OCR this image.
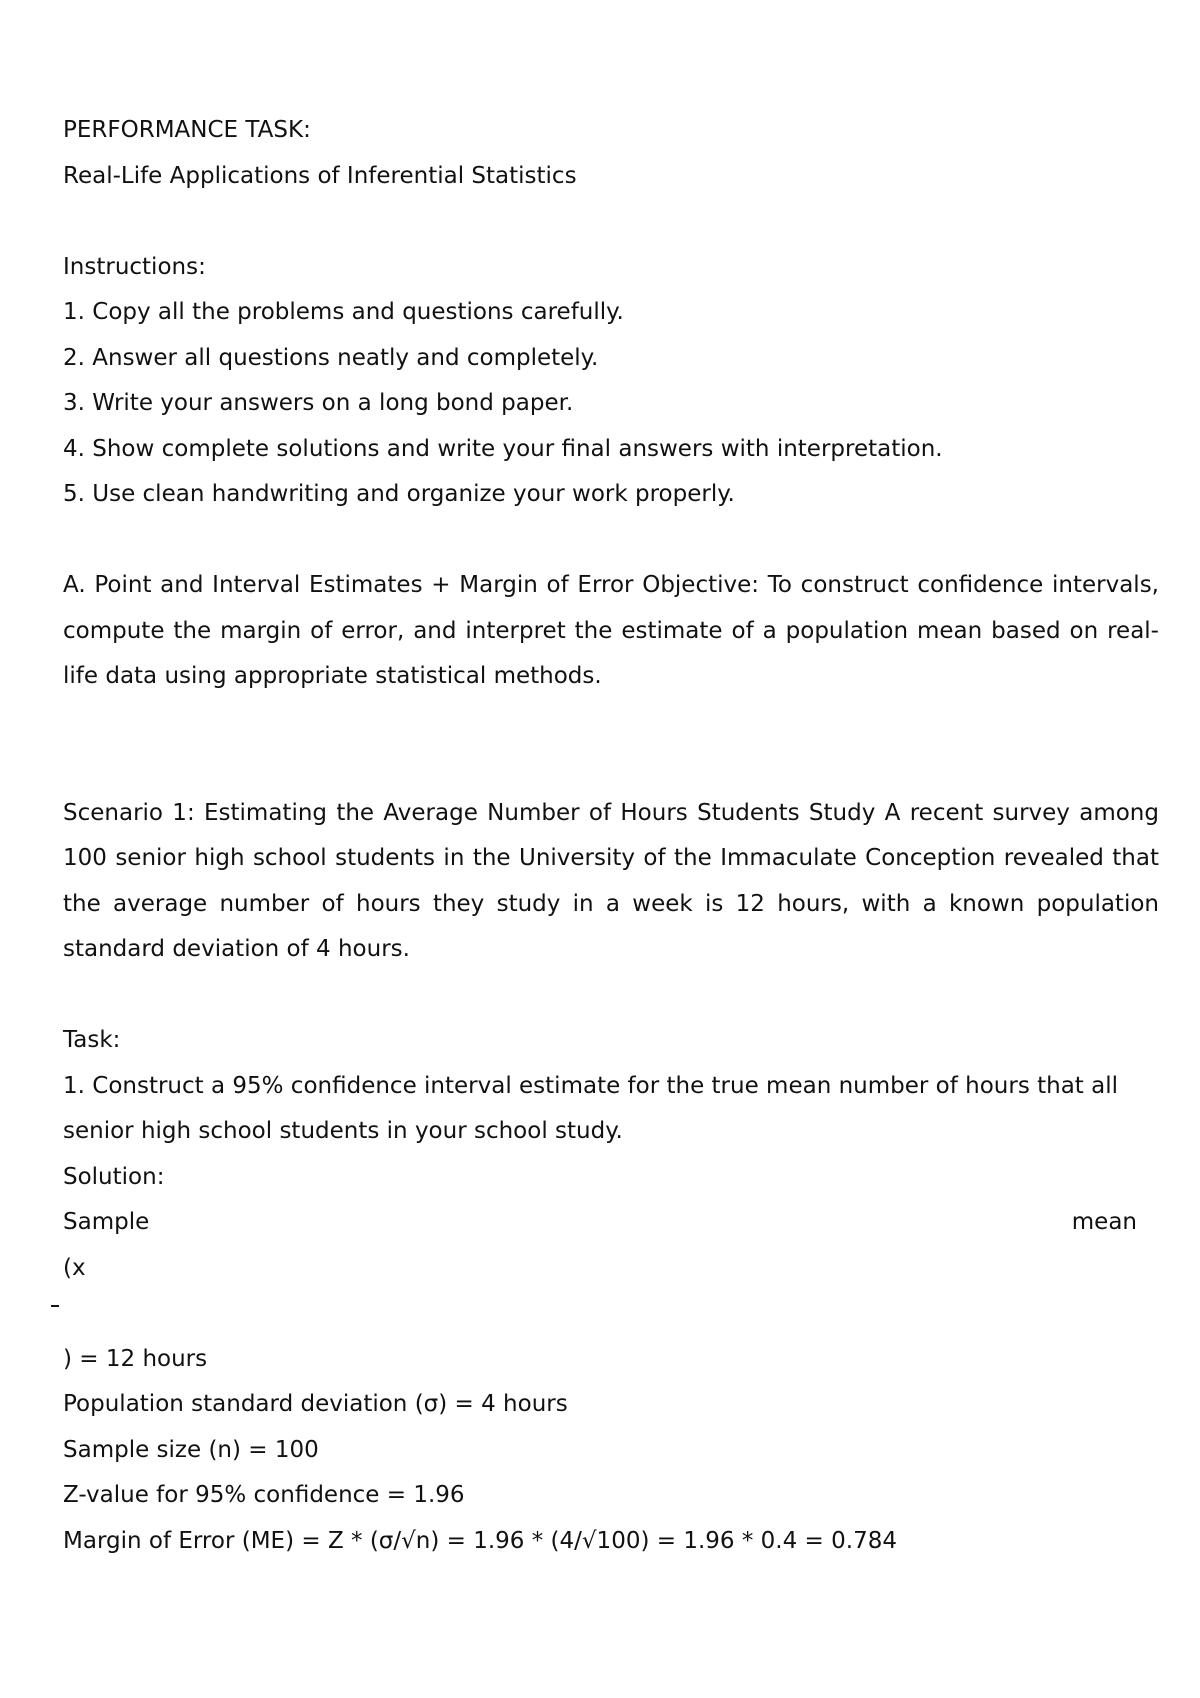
PERFORMANCE TASK:

Real-Life Applications of Inferential Statistics

Instructions:

1. Copy all the problems and questions carefully.

2. Answer all questions neatly and completely.

3. Write your answers on a long bond paper.

4. Show complete solutions and write your final answers with interpretation.

5. Use clean handwriting and organize your work properly.

A. Point and Interval Estimates + Margin of Error Objective: To construct confidence intervals, compute the margin of error, and interpret the estimate of a population mean based on real-life data using appropriate statistical methods.

Scenario 1: Estimating the Average Number of Hours Students Study A recent survey among 100 senior high school students in the University of the Immaculate Conception revealed that the average number of hours they study in a week is 12 hours, with a known population standard deviation of 4 hours.

Task:

1. Construct a 95% confidence interval estimate for the true mean number of hours that all senior high school students in your school study.

Solution:

Sample	mean

(x

) = 12 hours

Population standard deviation (σ) = 4 hours

Sample size (n) = 100

Z-value for 95% confidence = 1.96

Margin of Error (ME) = Z * (σ/√n) = 1.96 * (4/√100) = 1.96 * 0.4 = 0.784
